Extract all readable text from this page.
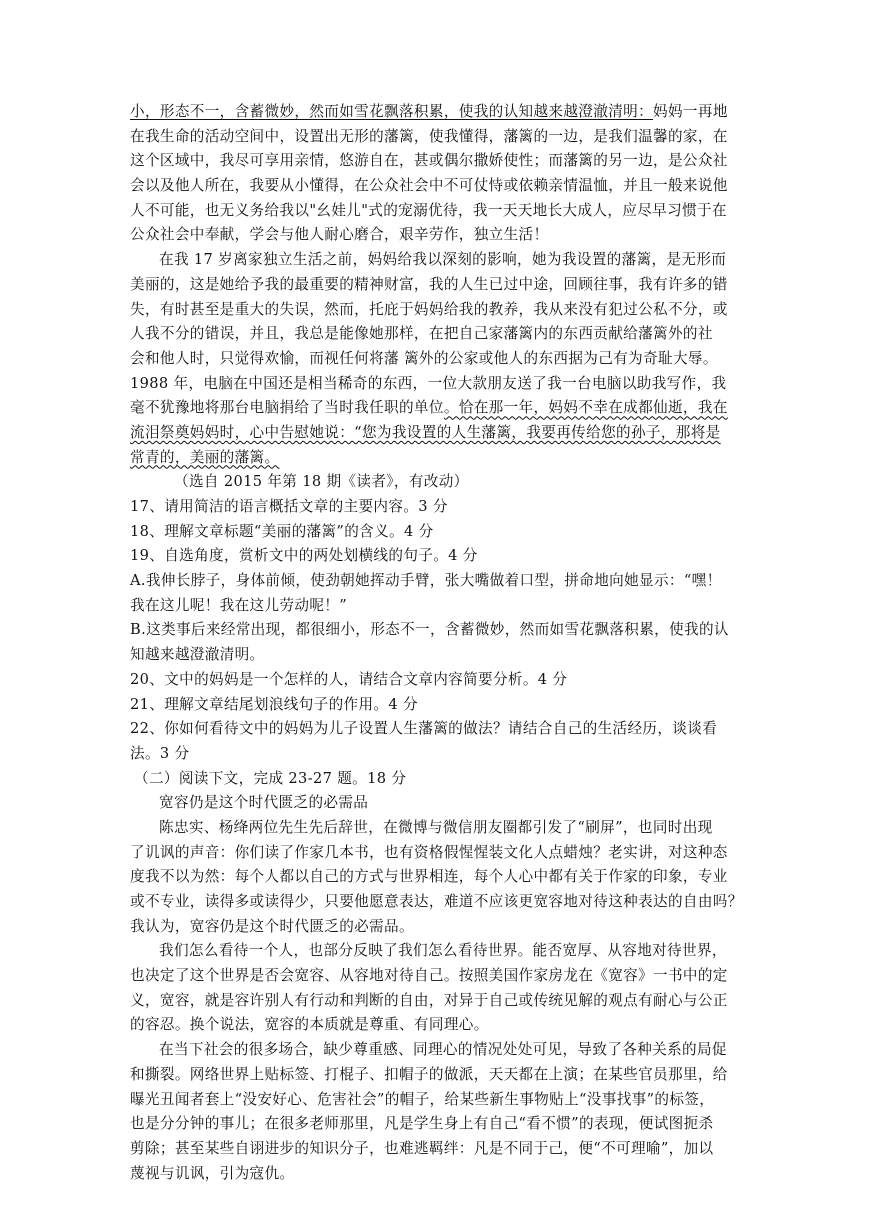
小，形态不一，含蓄微妙，然而如雪花飘落积累，使我的认知越来越澄澈清明：妈妈一再地
在我生命的活动空间中，设置出无形的藩篱，使我懂得，藩篱的一边，是我们温馨的家，在
这个区域中，我尽可享用亲情，悠游自在，甚或偶尔撒娇使性；而藩篱的另一边，是公众社
会以及他人所在，我要从小懂得，在公众社会中不可仗恃或依赖亲情温恤，并且一般来说他
人不可能，也无义务给我以"幺娃儿"式的宠溺优待，我一天天地长大成人，应尽早习惯于在
公众社会中奉献，学会与他人耐心磨合，艰辛劳作，独立生活！
在我 17 岁离家独立生活之前，妈妈给我以深刻的影响，她为我设置的藩篱，是无形而
美丽的，这是她给予我的最重要的精神财富，我的人生已过中途，回顾往事，我有许多的错
失，有时甚至是重大的失误，然而，托庇于妈妈给我的教养，我从来没有犯过公私不分，或
人我不分的错误，并且，我总是能像她那样，在把自己家藩篱内的东西贡献给藩篱外的社
会和他人时，只觉得欢愉，而视任何将藩 篱外的公家或他人的东西据为己有为奇耻大辱。
1988 年，电脑在中国还是相当稀奇的东西，一位大款朋友送了我一台电脑以助我写作，我
毫不犹豫地将那台电脑捐给了当时我任职的单位。恰在那一年，妈妈不幸在成都仙逝，我在
流泪祭奠妈妈时，心中告慰她说：“您为我设置的人生藩篱，我要再传给您的孙子，那将是
常青的，美丽的藩篱。
（选自 2015 年第 18 期《读者》，有改动）
17、请用简洁的语言概括文章的主要内容。3 分
18、理解文章标题“美丽的藩篱”的含义。4 分
19、自选角度，赏析文中的两处划横线的句子。4 分
A.我伸长脖子，身体前倾，使劲朝她挥动手臂，张大嘴做着口型，拼命地向她显示：“嘿！
我在这儿呢！我在这儿劳动呢！”
B.这类事后来经常出现，都很细小，形态不一，含蓄微妙，然而如雪花飘落积累，使我的认
知越来越澄澈清明。
20、文中的妈妈是一个怎样的人，请结合文章内容简要分析。4 分
21、理解文章结尾划浪线句子的作用。4 分
22、你如何看待文中的妈妈为儿子设置人生藩篱的做法？请结合自己的生活经历，谈谈看
法。3 分
（二）阅读下文，完成 23-27 题。18 分
宽容仍是这个时代匮乏的必需品
陈忠实、杨绛两位先生先后辞世，在微博与微信朋友圈都引发了“刷屏”，也同时出现
了讥讽的声音：你们读了作家几本书，也有资格假惺惺装文化人点蜡烛？老实讲，对这种态
度我不以为然：每个人都以自己的方式与世界相连，每个人心中都有关于作家的印象，专业
或不专业，读得多或读得少，只要他愿意表达，难道不应该更宽容地对待这种表达的自由吗？
我认为，宽容仍是这个时代匮乏的必需品。
我们怎么看待一个人，也部分反映了我们怎么看待世界。能否宽厚、从容地对待世界，
也决定了这个世界是否会宽容、从容地对待自己。按照美国作家房龙在《宽容》一书中的定
义，宽容，就是容许别人有行动和判断的自由，对异于自己或传统见解的观点有耐心与公正
的容忍。换个说法，宽容的本质就是尊重、有同理心。
在当下社会的很多场合，缺少尊重感、同理心的情况处处可见，导致了各种关系的局促
和撕裂。网络世界上贴标签、打棍子、扣帽子的做派，天天都在上演；在某些官员那里，给
曝光丑闻者套上“没安好心、危害社会”的帽子，给某些新生事物贴上“没事找事”的标签，
也是分分钟的事儿；在很多老师那里，凡是学生身上有自己“看不惯”的表现，便试图扼杀
剪除；甚至某些自诩进步的知识分子，也难逃羁绊：凡是不同于己，便“不可理喻”，加以
蔑视与讥讽，引为寇仇。
